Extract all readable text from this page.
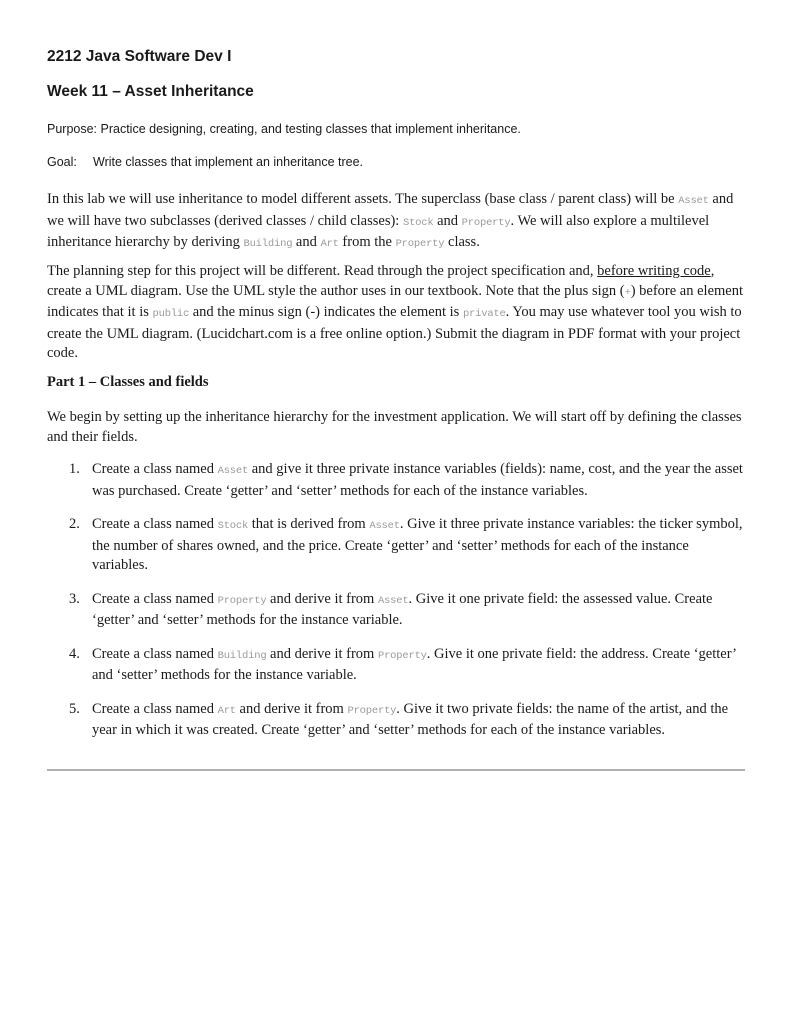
2212 Java Software Dev I
Week 11 – Asset Inheritance
Purpose: Practice designing, creating, and testing classes that implement inheritance.
Goal: Write classes that implement an inheritance tree.

In this lab we will use inheritance to model different assets. The superclass (base class / parent class) will be Asset and we will have two subclasses (derived classes / child classes): Stock and Property. We will also explore a multilevel inheritance hierarchy by deriving Building and Art from the Property class.

The planning step for this project will be different. Read through the project specification and, before writing code, create a UML diagram. Use the UML style the author uses in our textbook. Note that the plus sign (+) before an element indicates that it is public and the minus sign (-) indicates the element is private. You may use whatever tool you wish to create the UML diagram. (Lucidchart.com is a free online option.) Submit the diagram in PDF format with your project code.

Part 1 – Classes and fields

We begin by setting up the inheritance hierarchy for the investment application. We will start off by defining the classes and their fields.

1. Create a class named Asset and give it three private instance variables (fields): name, cost, and the year the asset was purchased. Create ‘getter’ and ‘setter’ methods for each of the instance variables.
2. Create a class named Stock that is derived from Asset. Give it three private instance variables: the ticker symbol, the number of shares owned, and the price. Create ‘getter’ and ‘setter’ methods for each of the instance variables.
3. Create a class named Property and derive it from Asset. Give it one private field: the assessed value. Create ‘getter’ and ‘setter’ methods for the instance variable.
4. Create a class named Building and derive it from Property. Give it one private field: the address. Create ‘getter’ and ‘setter’ methods for the instance variable.
5. Create a class named Art and derive it from Property. Give it two private fields: the name of the artist, and the year in which it was created. Create ‘getter’ and ‘setter’ methods for each of the instance variables.
